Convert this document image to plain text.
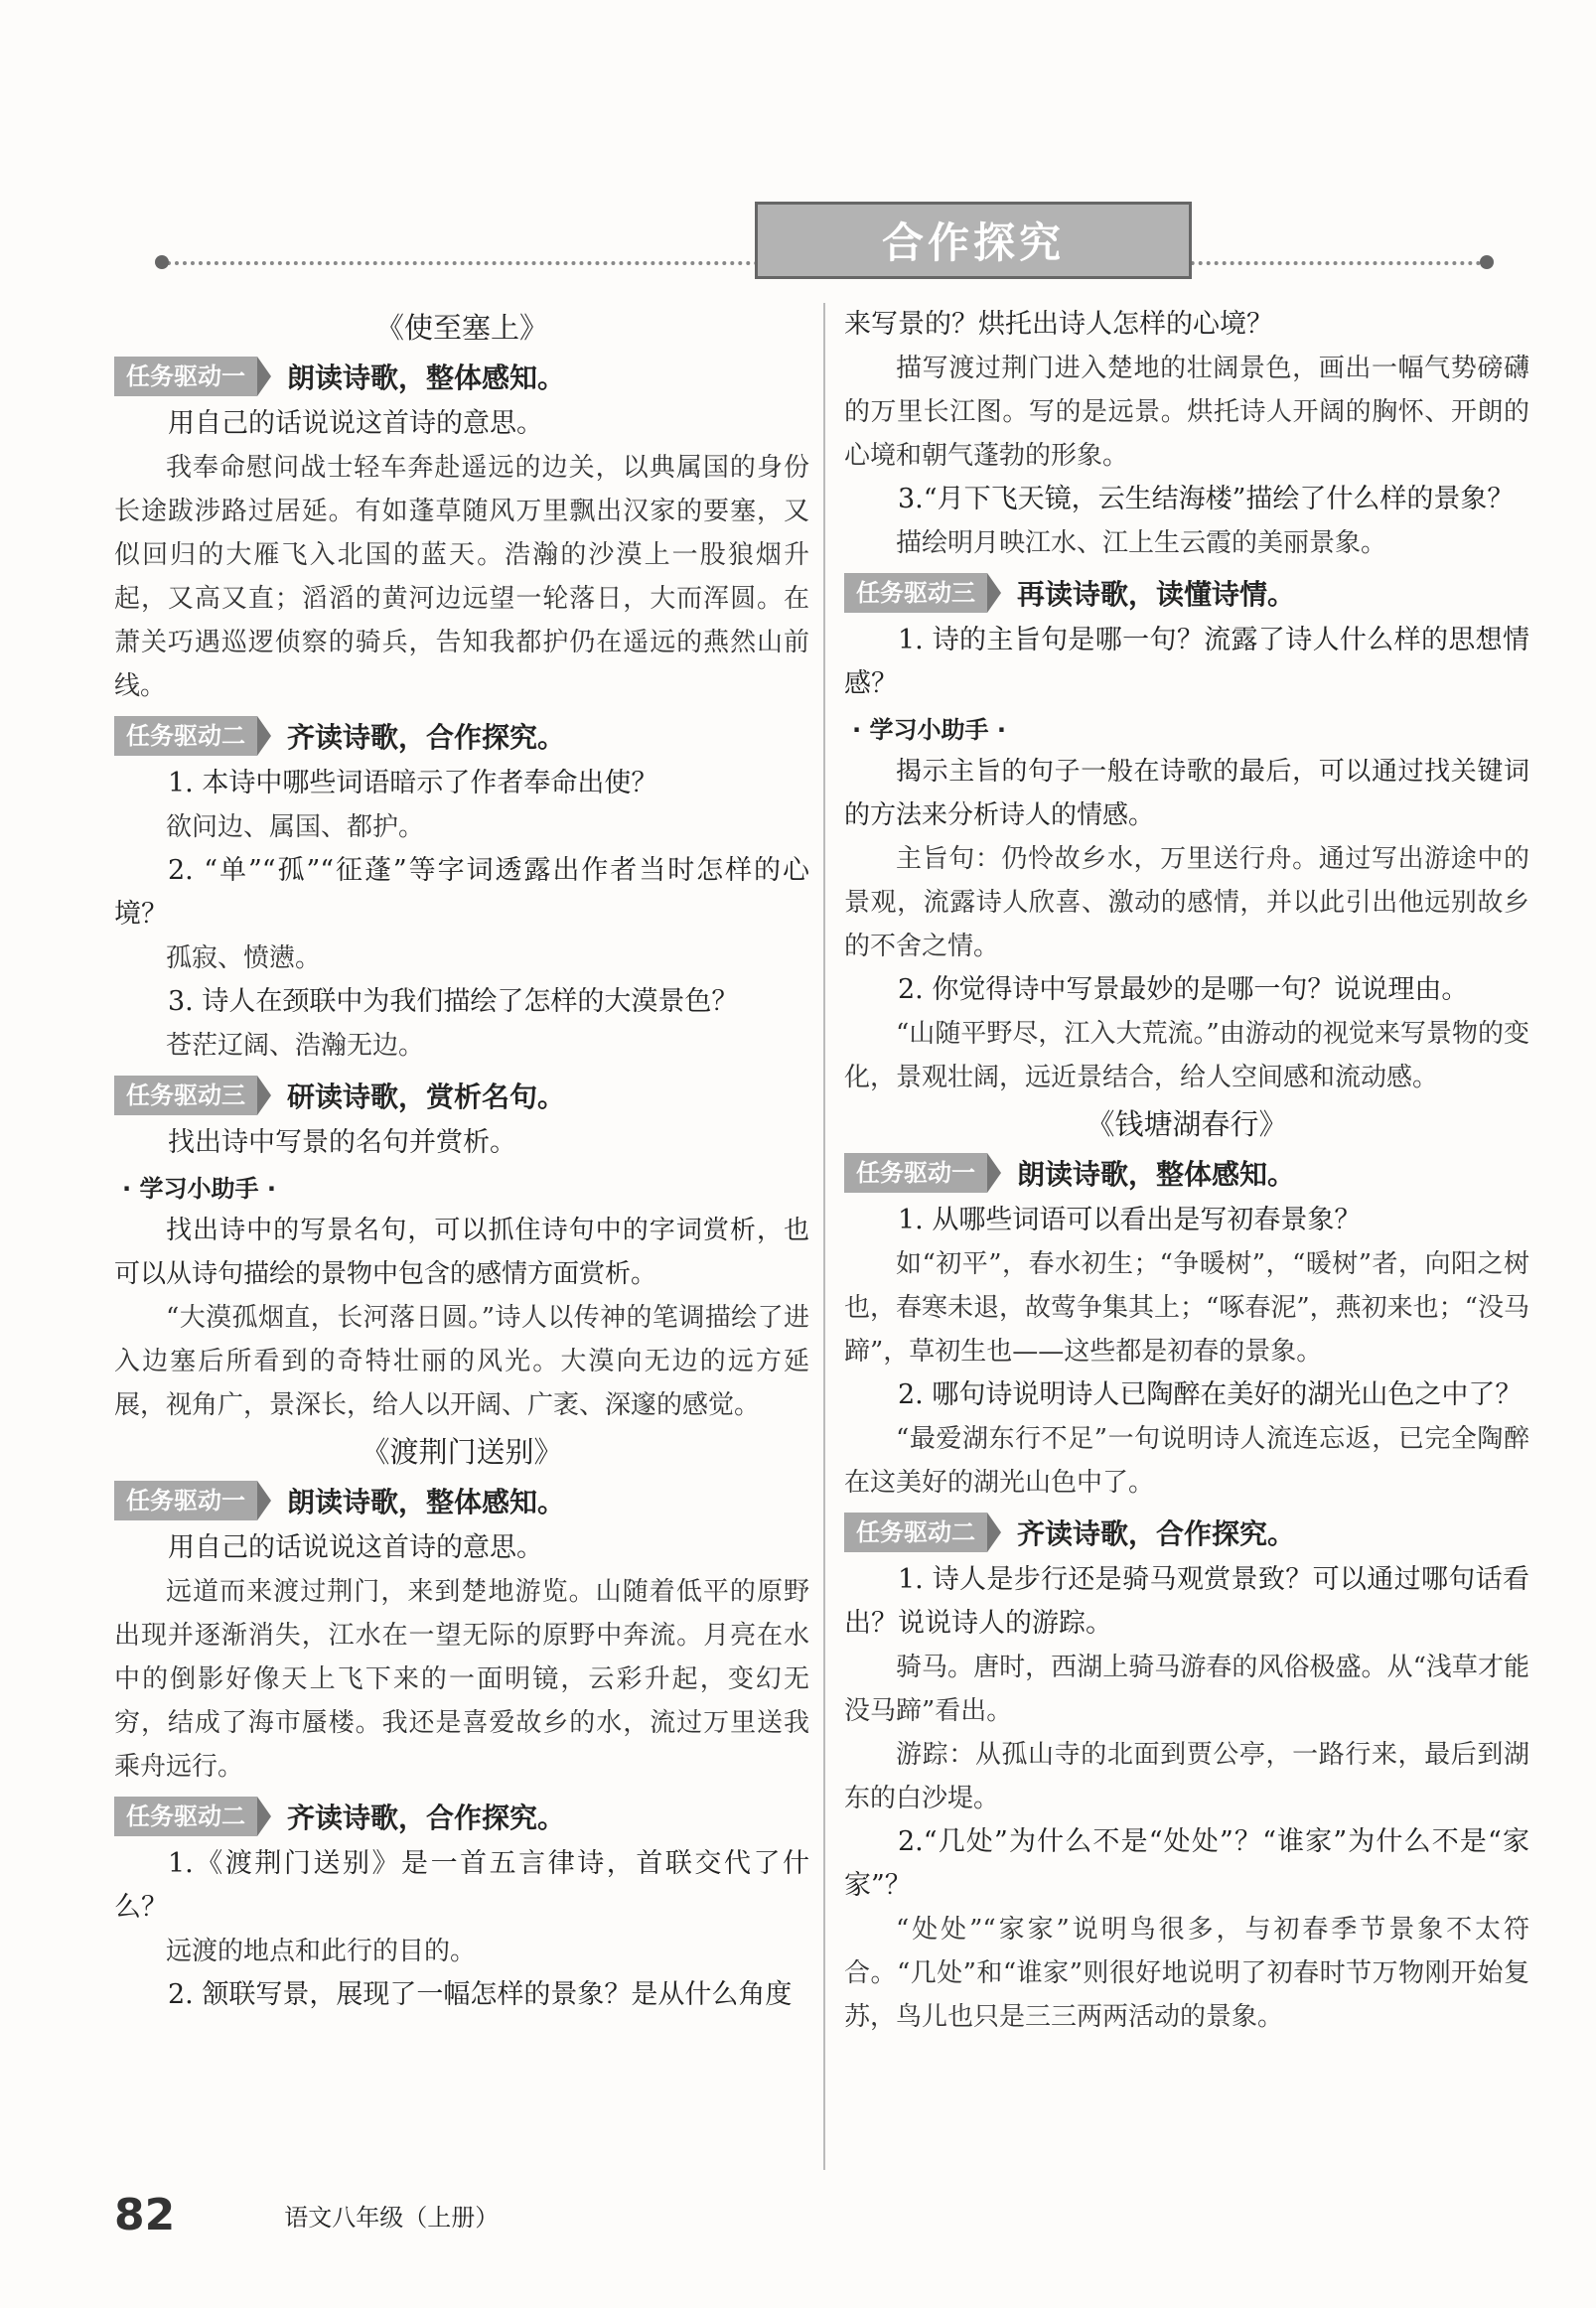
合作探究
《使至塞上》
任务驱动一	朗读诗歌，整体感知。

用自己的话说说这首诗的意思。

我奉命慰问战士轻车奔赴遥远的边关，以典属国的身份长途跋涉路过居延。有如蓬草随风万里飘出汉家的要塞，又似回归的大雁飞入北国的蓝天。浩瀚的沙漠上一股狼烟升起，又高又直；滔滔的黄河边远望一轮落日，大而浑圆。在萧关巧遇巡逻侦察的骑兵，告知我都护仍在遥远的燕然山前线。

任务驱动二	齐读诗歌，合作探究。

1. 本诗中哪些词语暗示了作者奉命出使？

欲问边、属国、都护。

2. “单”“孤”“征蓬”等字词透露出作者当时怎样的心境？

孤寂、愤懑。

3. 诗人在颈联中为我们描绘了怎样的大漠景色？

苍茫辽阔、浩瀚无边。

任务驱动三	研读诗歌，赏析名句。

找出诗中写景的名句并赏析。

· 学习小助手 ·

找出诗中的写景名句，可以抓住诗句中的字词赏析，也可以从诗句描绘的景物中包含的感情方面赏析。

“大漠孤烟直，长河落日圆。”诗人以传神的笔调描绘了进入边塞后所看到的奇特壮丽的风光。大漠向无边的远方延展，视角广，景深长，给人以开阔、广袤、深邃的感觉。

《渡荆门送别》
任务驱动一	朗读诗歌，整体感知。

用自己的话说说这首诗的意思。

远道而来渡过荆门，来到楚地游览。山随着低平的原野出现并逐渐消失，江水在一望无际的原野中奔流。月亮在水中的倒影好像天上飞下来的一面明镜，云彩升起，变幻无穷，结成了海市蜃楼。我还是喜爱故乡的水，流过万里送我乘舟远行。

任务驱动二	齐读诗歌，合作探究。

1.《渡荆门送别》是一首五言律诗，首联交代了什么？

远渡的地点和此行的目的。

2. 颔联写景，展现了一幅怎样的景象？是从什么角度

来写景的？烘托出诗人怎样的心境？

描写渡过荆门进入楚地的壮阔景色，画出一幅气势磅礴的万里长江图。写的是远景。烘托诗人开阔的胸怀、开朗的心境和朝气蓬勃的形象。

3.“月下飞天镜，云生结海楼”描绘了什么样的景象？

描绘明月映江水、江上生云霞的美丽景象。

任务驱动三	再读诗歌，读懂诗情。

1. 诗的主旨句是哪一句？流露了诗人什么样的思想情感？

· 学习小助手 ·

揭示主旨的句子一般在诗歌的最后，可以通过找关键词的方法来分析诗人的情感。

主旨句：仍怜故乡水，万里送行舟。通过写出游途中的景观，流露诗人欣喜、激动的感情，并以此引出他远别故乡的不舍之情。

2. 你觉得诗中写景最妙的是哪一句？说说理由。

“山随平野尽，江入大荒流。”由游动的视觉来写景物的变化，景观壮阔，远近景结合，给人空间感和流动感。

《钱塘湖春行》
任务驱动一	朗读诗歌，整体感知。

1. 从哪些词语可以看出是写初春景象？

如“初平”，春水初生；“争暖树”，“暖树”者，向阳之树也，春寒未退，故莺争集其上；“啄春泥”，燕初来也；“没马蹄”，草初生也——这些都是初春的景象。

2. 哪句诗说明诗人已陶醉在美好的湖光山色之中了？

“最爱湖东行不足”一句说明诗人流连忘返，已完全陶醉在这美好的湖光山色中了。

任务驱动二	齐读诗歌，合作探究。

1. 诗人是步行还是骑马观赏景致？可以通过哪句话看出？说说诗人的游踪。

骑马。唐时，西湖上骑马游春的风俗极盛。从“浅草才能没马蹄”看出。

游踪：从孤山寺的北面到贾公亭，一路行来，最后到湖东的白沙堤。

2.“几处”为什么不是“处处”？“谁家”为什么不是“家家”？

“处处”“家家”说明鸟很多，与初春季节景象不太符合。“几处”和“谁家”则很好地说明了初春时节万物刚开始复苏，鸟儿也只是三三两两活动的景象。

82	语文八年级（上册）
